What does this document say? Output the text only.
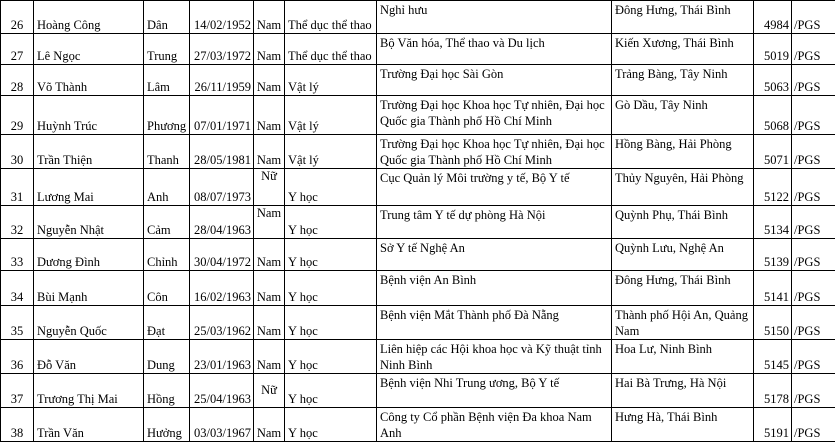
26	Hoàng Công	Dân	14/02/1952	Nam	Thể dục thể thao	Nghỉ hưu	Đông Hưng, Thái Bình	4984	/PGS
27	Lê Ngọc	Trung	27/03/1972	Nam	Thể dục thể thao	Bộ Văn hóa, Thể thao và Du lịch	Kiến Xương, Thái Bình	5019	/PGS
28	Võ Thành	Lâm	26/11/1959	Nam	Vật lý	Trường Đại học Sài Gòn	Trảng Bàng, Tây Ninh	5063	/PGS
29	Huỳnh Trúc	Phương	07/01/1971	Nam	Vật lý	Trường Đại học Khoa học Tự nhiên, Đại học Quốc gia Thành phố Hồ Chí Minh	Gò Dầu, Tây Ninh	5068	/PGS
30	Trần Thiện	Thanh	28/05/1981	Nam	Vật lý	Trường Đại học Khoa học Tự nhiên, Đại học Quốc gia Thành phố Hồ Chí Minh	Hồng Bàng, Hải Phòng	5071	/PGS
31	Lương Mai	Anh	08/07/1973	Nữ	Y học	Cục Quản lý Môi trường y tế, Bộ Y tế	Thủy Nguyên, Hải Phòng	5122	/PGS
32	Nguyễn Nhật	Cảm	28/04/1963	Nam	Y học	Trung tâm Y tế dự phòng Hà Nội	Quỳnh Phụ, Thái Bình	5134	/PGS
33	Dương Đình	Chỉnh	30/04/1972	Nam	Y học	Sở Y tế Nghệ An	Quỳnh Lưu, Nghệ An	5139	/PGS
34	Bùi Mạnh	Côn	16/02/1963	Nam	Y học	Bệnh viện An Bình	Đông Hưng, Thái Bình	5141	/PGS
35	Nguyễn Quốc	Đạt	25/03/1962	Nam	Y học	Bệnh viện Mắt Thành phố Đà Nẵng	Thành phố Hội An, Quảng Nam	5150	/PGS
36	Đỗ Văn	Dung	23/01/1963	Nam	Y học	Liên hiệp các Hội khoa học và Kỹ thuật tỉnh Ninh Bình	Hoa Lư, Ninh Bình	5145	/PGS
37	Trương Thị Mai	Hồng	25/04/1963	Nữ	Y học	Bệnh viện Nhi Trung ương, Bộ Y tế	Hai Bà Trưng, Hà Nội	5178	/PGS
38	Trần Văn	Hưởng	03/03/1967	Nam	Y học	Công ty Cổ phần Bệnh viện Đa khoa Nam Anh	Hưng Hà, Thái Bình	5191	/PGS
